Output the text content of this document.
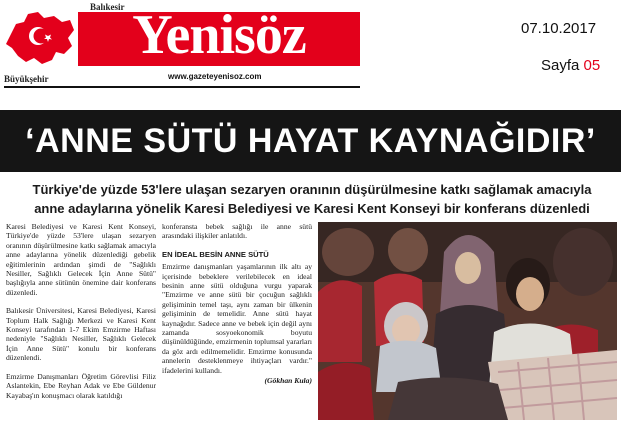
Balıkesir Yenisöz
Büyükşehir	www.gazeteyenisoz.com
07.10.2017
Sayfa 05
‘ANNE SÜTÜ HAYAT KAYNAĞIDIR’
Türkiye'de yüzde 53'lere ulaşan sezaryen oranının düşürülmesine katkı sağlamak amacıyla anne adaylarına yönelik Karesi Belediyesi ve Karesi Kent Konseyi bir konferans düzenledi

Karesi Belediyesi ve Karesi Kent Konseyi, Türkiye'de yüzde 53'lere ulaşan sezaryen oranının düşürülmesine katkı sağlamak amacıyla anne adaylarına yönelik düzenlediği gebelik eğitimlerinin ardından şimdi de "Sağlıklı Nesiller, Sağlıklı Gelecek İçin Anne Sütü" başlığıyla anne sütünün önemine dair konferans düzenledi.

Balıkesir Üniversitesi, Karesi Belediyesi, Karesi Toplum Halk Sağlığı Merkezi ve Karesi Kent Konseyi tarafından 1-7 Ekim Emzirme Haftası nedeniyle "Sağlıklı Nesiller, Sağlıklı Gelecek İçin Anne Sütü" konulu bir konferans düzenlendi.

Emzirme Danışmanları Öğretim Görevlisi Filiz Aslantekin, Ebe Reyhan Adak ve Ebe Güldenur Kayabaş'ın konuşmacı olarak katıldığı

konferansta bebek sağlığı ile anne sütü arasındaki ilişkiler anlatıldı.

EN İDEAL BESİN ANNE SÜTÜ

Emzirme danışmanları yaşamlarının ilk altı ay içerisinde bebeklere verilebilecek en ideal besinin anne sütü olduğuna vurgu yaparak "Emzirme ve anne sütü bir çocuğun sağlıklı gelişiminin temel taşı, aynı zaman bir ülkenin gelişiminin de temelidir. Anne sütü hayat kaynağıdır. Sadece anne ve bebek için değil aynı zamanda sosyoekonomik boyutu düşünüldüğünde, emzirmenin toplumsal yararları da göz ardı edilmemelidir. Emzirme konusunda annelerin desteklenmeye ihtiyaçları vardır." ifadelerini kullandı.

(Gökhan Kula)
